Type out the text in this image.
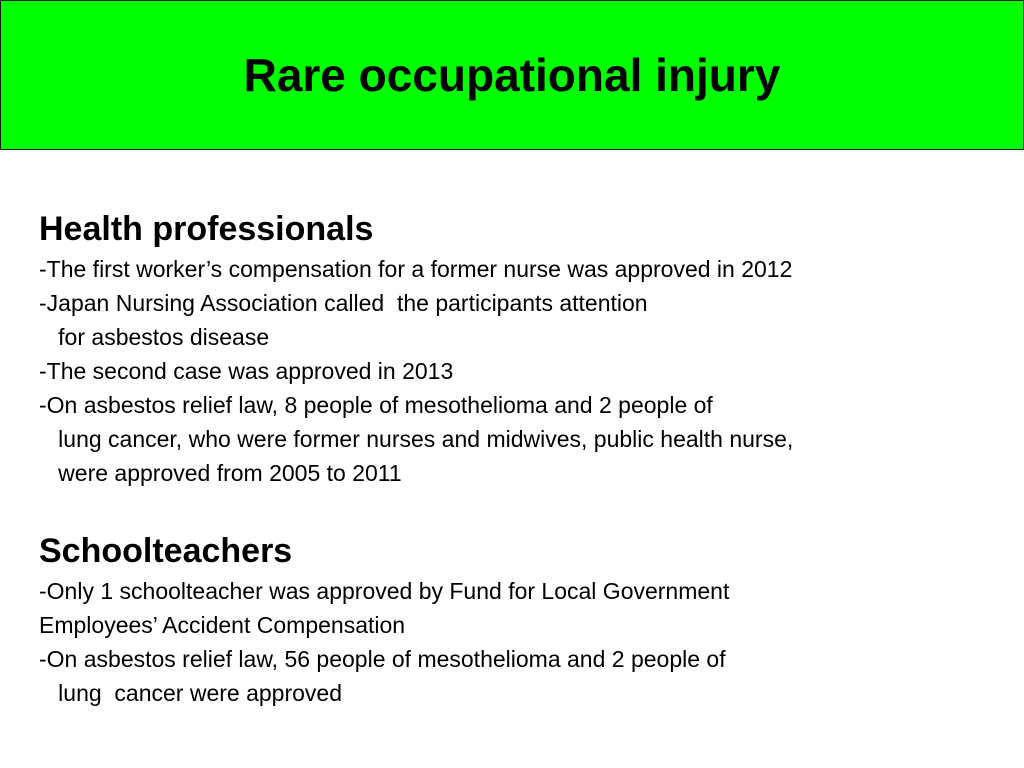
Rare occupational injury
Health professionals
-The first worker’s compensation for a former nurse was approved in 2012
-Japan Nursing Association called  the participants attention
for asbestos disease
-The second case was approved in 2013
-On asbestos relief law, 8 people of mesothelioma and 2 people of
lung cancer, who were former nurses and midwives, public health nurse,
were approved from 2005 to 2011
Schoolteachers
-Only 1 schoolteacher was approved by Fund for Local Government
Employees’ Accident Compensation
-On asbestos relief law, 56 people of mesothelioma and 2 people of
lung  cancer were approved
